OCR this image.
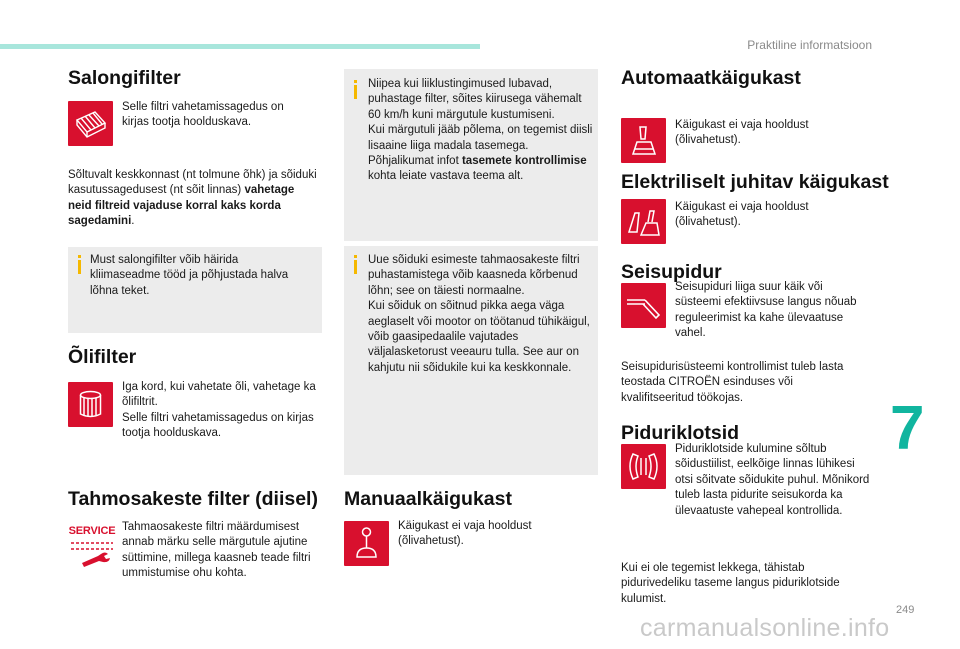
Praktiline informatsioon
Salongifilter
Selle filtri vahetamissagedus on kirjas tootja hoolduskava.
Sõltuvalt keskkonnast (nt tolmune õhk) ja sõiduki kasutussagedusest (nt sõit linnas) vahetage neid filtreid vajaduse korral kaks korda sagedamini.
Must salongifilter võib häirida kliimaseadme tööd ja põhjustada halva lõhna teket.
Õlifilter
Iga kord, kui vahetate õli, vahetage ka õlifiltrit.
Selle filtri vahetamissagedus on kirjas tootja hoolduskava.
Tahmosakeste filter (diisel)
SERVICE Tahmaosakeste filtri määrdumisest annab märku selle märgutule ajutine süttimine, millega kaasneb teade filtri ummistumise ohu kohta.
Niipea kui liiklustingimused lubavad, puhastage filter, sõites kiirusega vähemalt 60 km/h kuni märgutule kustumiseni.
Kui märgutuli jääb põlema, on tegemist diisli lisaaine liiga madala tasemega.
Põhjalikumat infot tasemete kontrollimise kohta leiate vastava teema alt.
Uue sõiduki esimeste tahmaosakeste filtri puhastamistega võib kaasneda kõrbenud lõhn; see on täiesti normaalne.
Kui sõiduk on sõitnud pikka aega väga aeglaselt või mootor on töötanud tühikäigul, võib gaasipedaalile vajutades väljalasketorust veeauru tulla. See aur on kahjutu nii sõidukile kui ka keskkonnale.
Manuaalkäigukast
Käigukast ei vaja hooldust (õlivahetust).
Automaatkäigukast
Käigukast ei vaja hooldust (õlivahetust).
Elektriliselt juhitav käigukast
Käigukast ei vaja hooldust (õlivahetust).
Seisupidur
Seisupiduri liiga suur käik või süsteemi efektiivsuse langus nõuab reguleerimist ka kahe ülevaatuse vahel.
Seisupidurisüsteemi kontrollimist tuleb lasta teostada CITROËN esinduses või kvalifitseeritud töökojas.
Piduriklotsid
Piduriklotside kulumine sõltub sõidustiilist, eelkõige linnas lühikesi otsi sõitvate sõidukite puhul. Mõnikord tuleb lasta pidurite seisukorda ka ülevaatuste vahepeal kontrollida.
Kui ei ole tegemist lekkega, tähistab pidurivedeliku taseme langus piduriklotside kulumist.
7
249
carmanualsonline.info
